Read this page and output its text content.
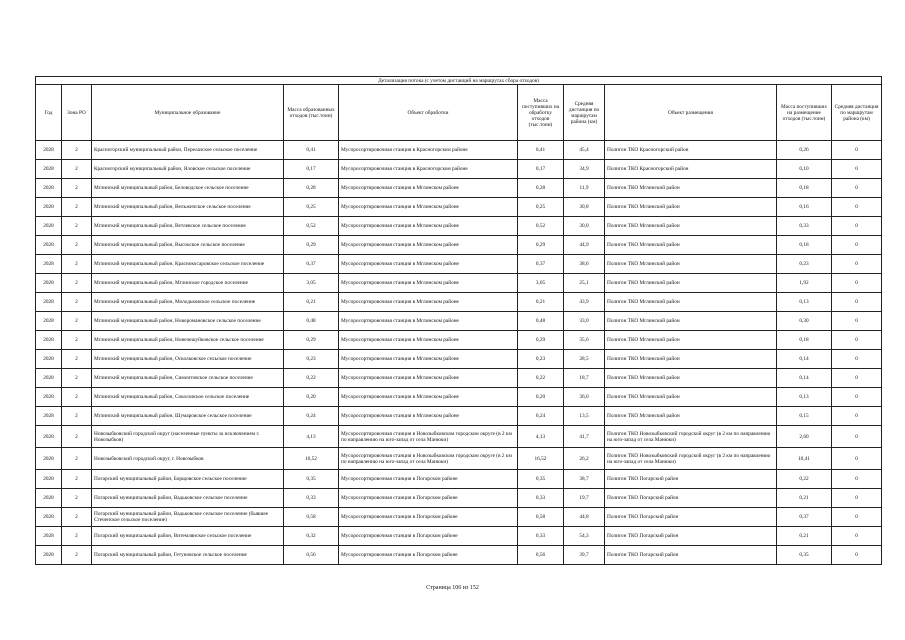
Детализация потока (с учетом дистанций на маршрутах сбора отходов)									
Год	Зона РО	Муниципальное образование	Масса образованных отходов (тыс.тонн)	Объект обработки	Масса поступивших на обработку отходов (тыс.тонн)	Средняя дистанция по маршрутам района (км)	Объект размещения	Масса поступивших на размещение отходов (тыс.тонн)	Средняя дистанция по маршрутам района (км)
2028	2	Красногорский муниципальный район, Перелазское сельское поселение	0,41	Мусоросортировочная станция в Красногорском районе	0,41	45,4	Полигон ТКО Красногорский район	0,26	0
2028	2	Красногорский муниципальный район, Яловское сельское поселение	0,17	Мусоросортировочная станция в Красногорском районе	0,17	34,9	Полигон ТКО Красногорский район	0,10	0
2028	2	Мглинский муниципальный район, Беловодское сельское поселение	0,28	Мусоросортировочная станция в Мглинском районе	0,28	11,9	Полигон ТКО Мглинский район	0,18	0
2028	2	Мглинский муниципальный район, Велъжичское сельское поселение	0,25	Мусоросортировочная станция в Мглинском районе	0,25	30,8	Полигон ТКО Мглинский район	0,16	0
2028	2	Мглинский муниципальный район, Ветлевское сельское поселение	0,52	Мусоросортировочная станция в Мглинском районе	0,52	30,0	Полигон ТКО Мглинский район	0,33	0
2028	2	Мглинский муниципальный район, Высокское сельское поселение	0,29	Мусоросортировочная станция в Мглинском районе	0,29	44,9	Полигон ТКО Мглинский район	0,18	0
2028	2	Мглинский муниципальный район, Краснокосаровское сельское поселение	0,37	Мусоросортировочная станция в Мглинском районе	0,37	38,6	Полигон ТКО Мглинский район	0,23	0
2028	2	Мглинский муниципальный район, Мглинское городское поселение	3,05	Мусоросортировочная станция в Мглинском районе	3,05	25,1	Полигон ТКО Мглинский район	1,92	0
2028	2	Мглинский муниципальный район, Молодьковское сельское поселение	0,21	Мусоросортировочная станция в Мглинском районе	0,21	43,9	Полигон ТКО Мглинский район	0,13	0
2028	2	Мглинский муниципальный район, Новоромановское сельское поселение	0,48	Мусоросортировочная станция в Мглинском районе	0,48	33,0	Полигон ТКО Мглинский район	0,30	0
2028	2	Мглинский муниципальный район, Новочешуйковское сельское поселение	0,29	Мусоросортировочная станция в Мглинском районе	0,29	35,6	Полигон ТКО Мглинский район	0,18	0
2028	2	Мглинский муниципальный район, Осколковское сельское поселение	0,23	Мусоросортировочная станция в Мглинском районе	0,23	28,5	Полигон ТКО Мглинский район	0,14	0
2028	2	Мглинский муниципальный район, Симонтовское сельское поселение	0,22	Мусоросортировочная станция в Мглинском районе	0,22	18,7	Полигон ТКО Мглинский район	0,14	0
2028	2	Мглинский муниципальный район, Соколовское сельское поселение	0,20	Мусоросортировочная станция в Мглинском районе	0,20	36,0	Полигон ТКО Мглинский район	0,13	0
2028	2	Мглинский муниципальный район, Шумаровское сельское поселение	0,24	Мусоросортировочная станция в Мглинском районе	0,24	13,5	Полигон ТКО Мглинский район	0,15	0
2028	2	Новозыбковский городской округ (населенные пункты за исключением г. Новозыбков)	4,13	Мусоросортировочная станция в Новозыбковском городском округе (в 2 км по направлению на юго-запад от села Манюки)	4,13	41,7	Полигон ТКО Новозыбковский городской округ (в 2 км по направлению на юго-запад от села Манюки)	2,60	0
2028	2	Новозыбковский городской округ, г. Новозыбков	16,52	Мусоросортировочная станция в Новозыбковском городском округе (в 2 км по направлению на юго-запад от села Манюки)	16,52	26,2	Полигон ТКО Новозыбковский городской округ (в 2 км по направлению на юго-запад от села Манюки)	10,41	0
2028	2	Погарский муниципальный район, Борщовское сельское поселение	0,35	Мусоросортировочная станция в Погарском районе	0,35	38,7	Полигон ТКО Погарский район	0,22	0
2028	2	Погарский муниципальный район, Вадьковское сельское поселение	0,33	Мусоросортировочная станция в Погарском районе	0,33	19,7	Полигон ТКО Погарский район	0,21	0
2028	2	Погарский муниципальный район, Вадьковское сельское поселение (бывшее Стеченское сельское поселение)	0,58	Мусоросортировочная станция в Погарском районе	0,58	44,8	Полигон ТКО Погарский район	0,37	0
2028	2	Погарский муниципальный район, Витемлянское сельское поселение	0,32	Мусоросортировочная станция в Погарском районе	0,33	54,3	Полигон ТКО Погарский район	0,21	0
2028	2	Погарский муниципальный район, Гетуновское сельское поселение	0,56	Мусоросортировочная станция в Погарском районе	0,56	39,7	Полигон ТКО Погарский район	0,35	0
Страница 106 из 152
